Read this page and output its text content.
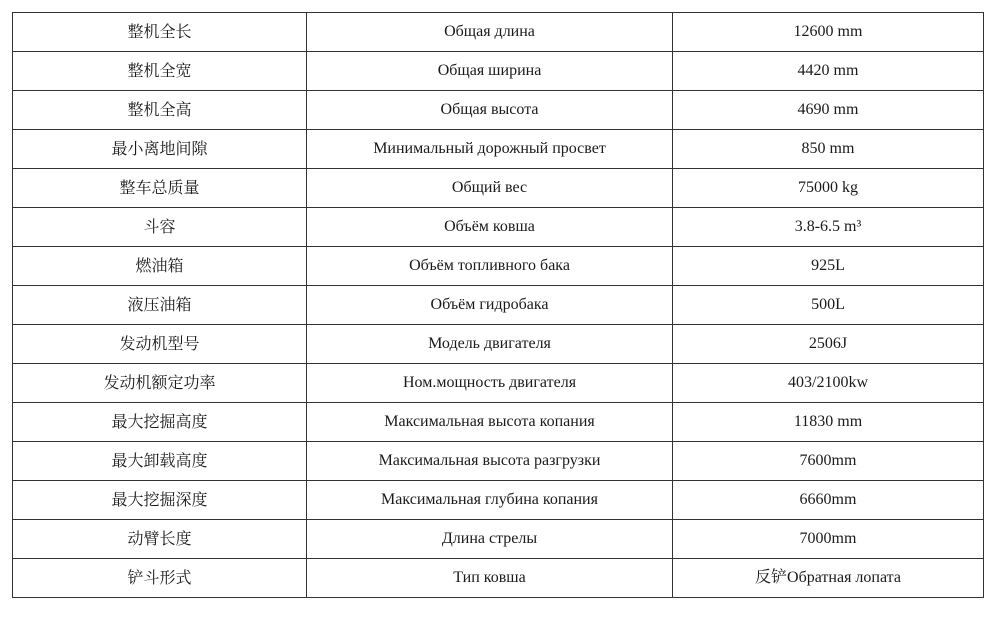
整机全长	Общая длина	12600 mm
整机全宽	Общая ширина	4420 mm
整机全高	Общая высота	4690 mm
最小离地间隙	Минимальный дорожный просвет	850 mm
整车总质量	Общий вес	75000 kg
斗容	Объём ковша	3.8-6.5 m³
燃油箱	Объём топливного бака	925L
液压油箱	Объём гидробака	500L
发动机型号	Модель двигателя	2506J
发动机额定功率	Ном.мощность двигателя	403/2100kw
最大挖掘高度	Максимальная высота копания	11830 mm
最大卸载高度	Максимальная высота разгрузки	7600mm
最大挖掘深度	Максимальная глубина копания	6660mm
动臂长度	Длина стрелы	7000mm
铲斗形式	Тип ковша	反铲Обратная лопата
